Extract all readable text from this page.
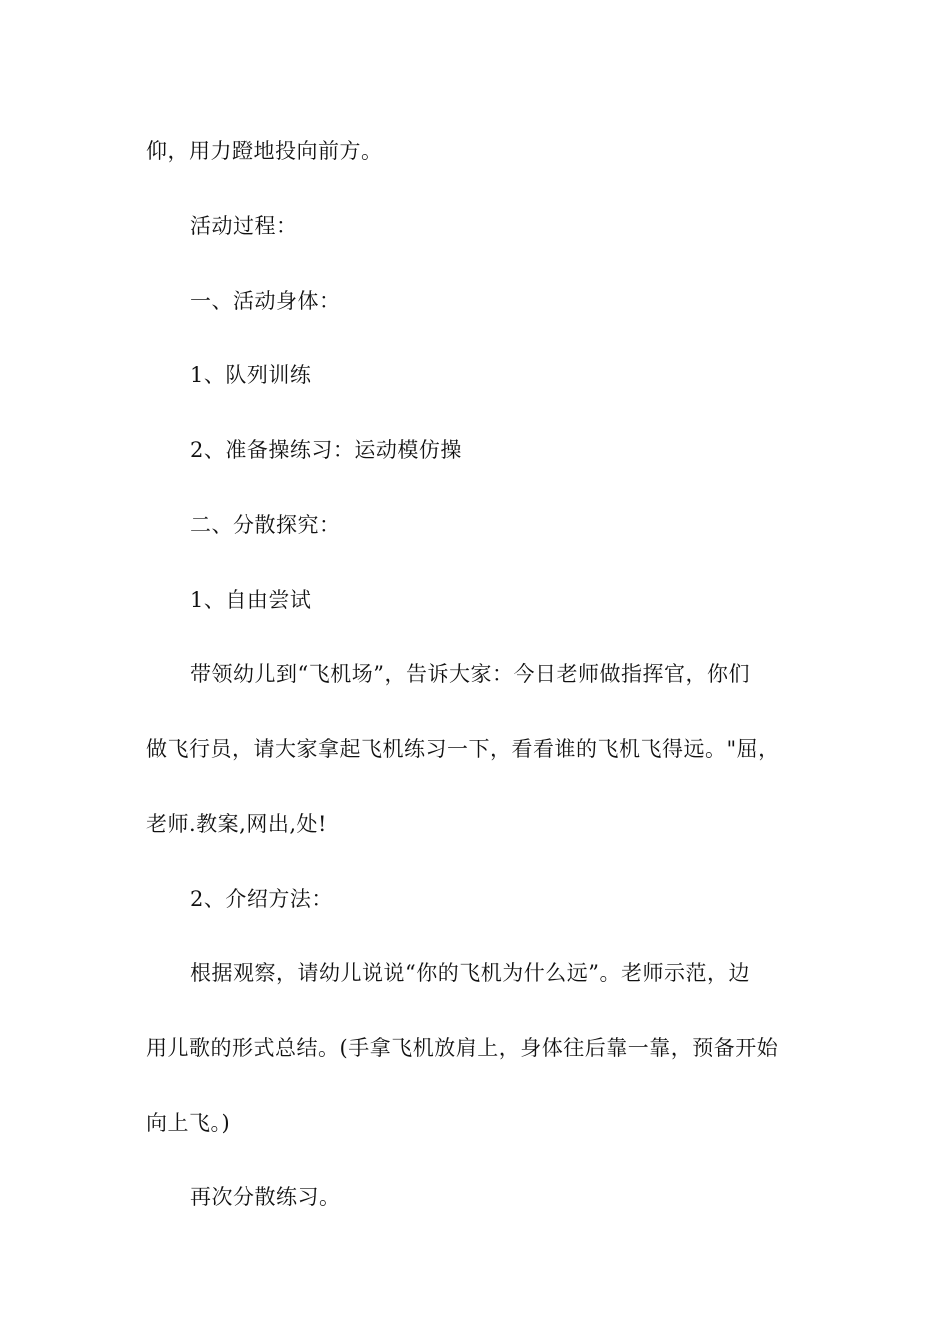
仰，用力蹬地投向前方。
活动过程：
一、活动身体：
1、队列训练
2、准备操练习：运动模仿操
二、分散探究：
1、自由尝试
带领幼儿到“飞机场”，告诉大家：今日老师做指挥官，你们
做飞行员，请大家拿起飞机练习一下，看看谁的飞机飞得远。"屈，
老师.教案,网出,处!
2、介绍方法：
根据观察，请幼儿说说“你的飞机为什么远”。老师示范，边
用儿歌的形式总结。(手拿飞机放肩上，身体往后靠一靠，预备开始
向上飞。)
再次分散练习。
